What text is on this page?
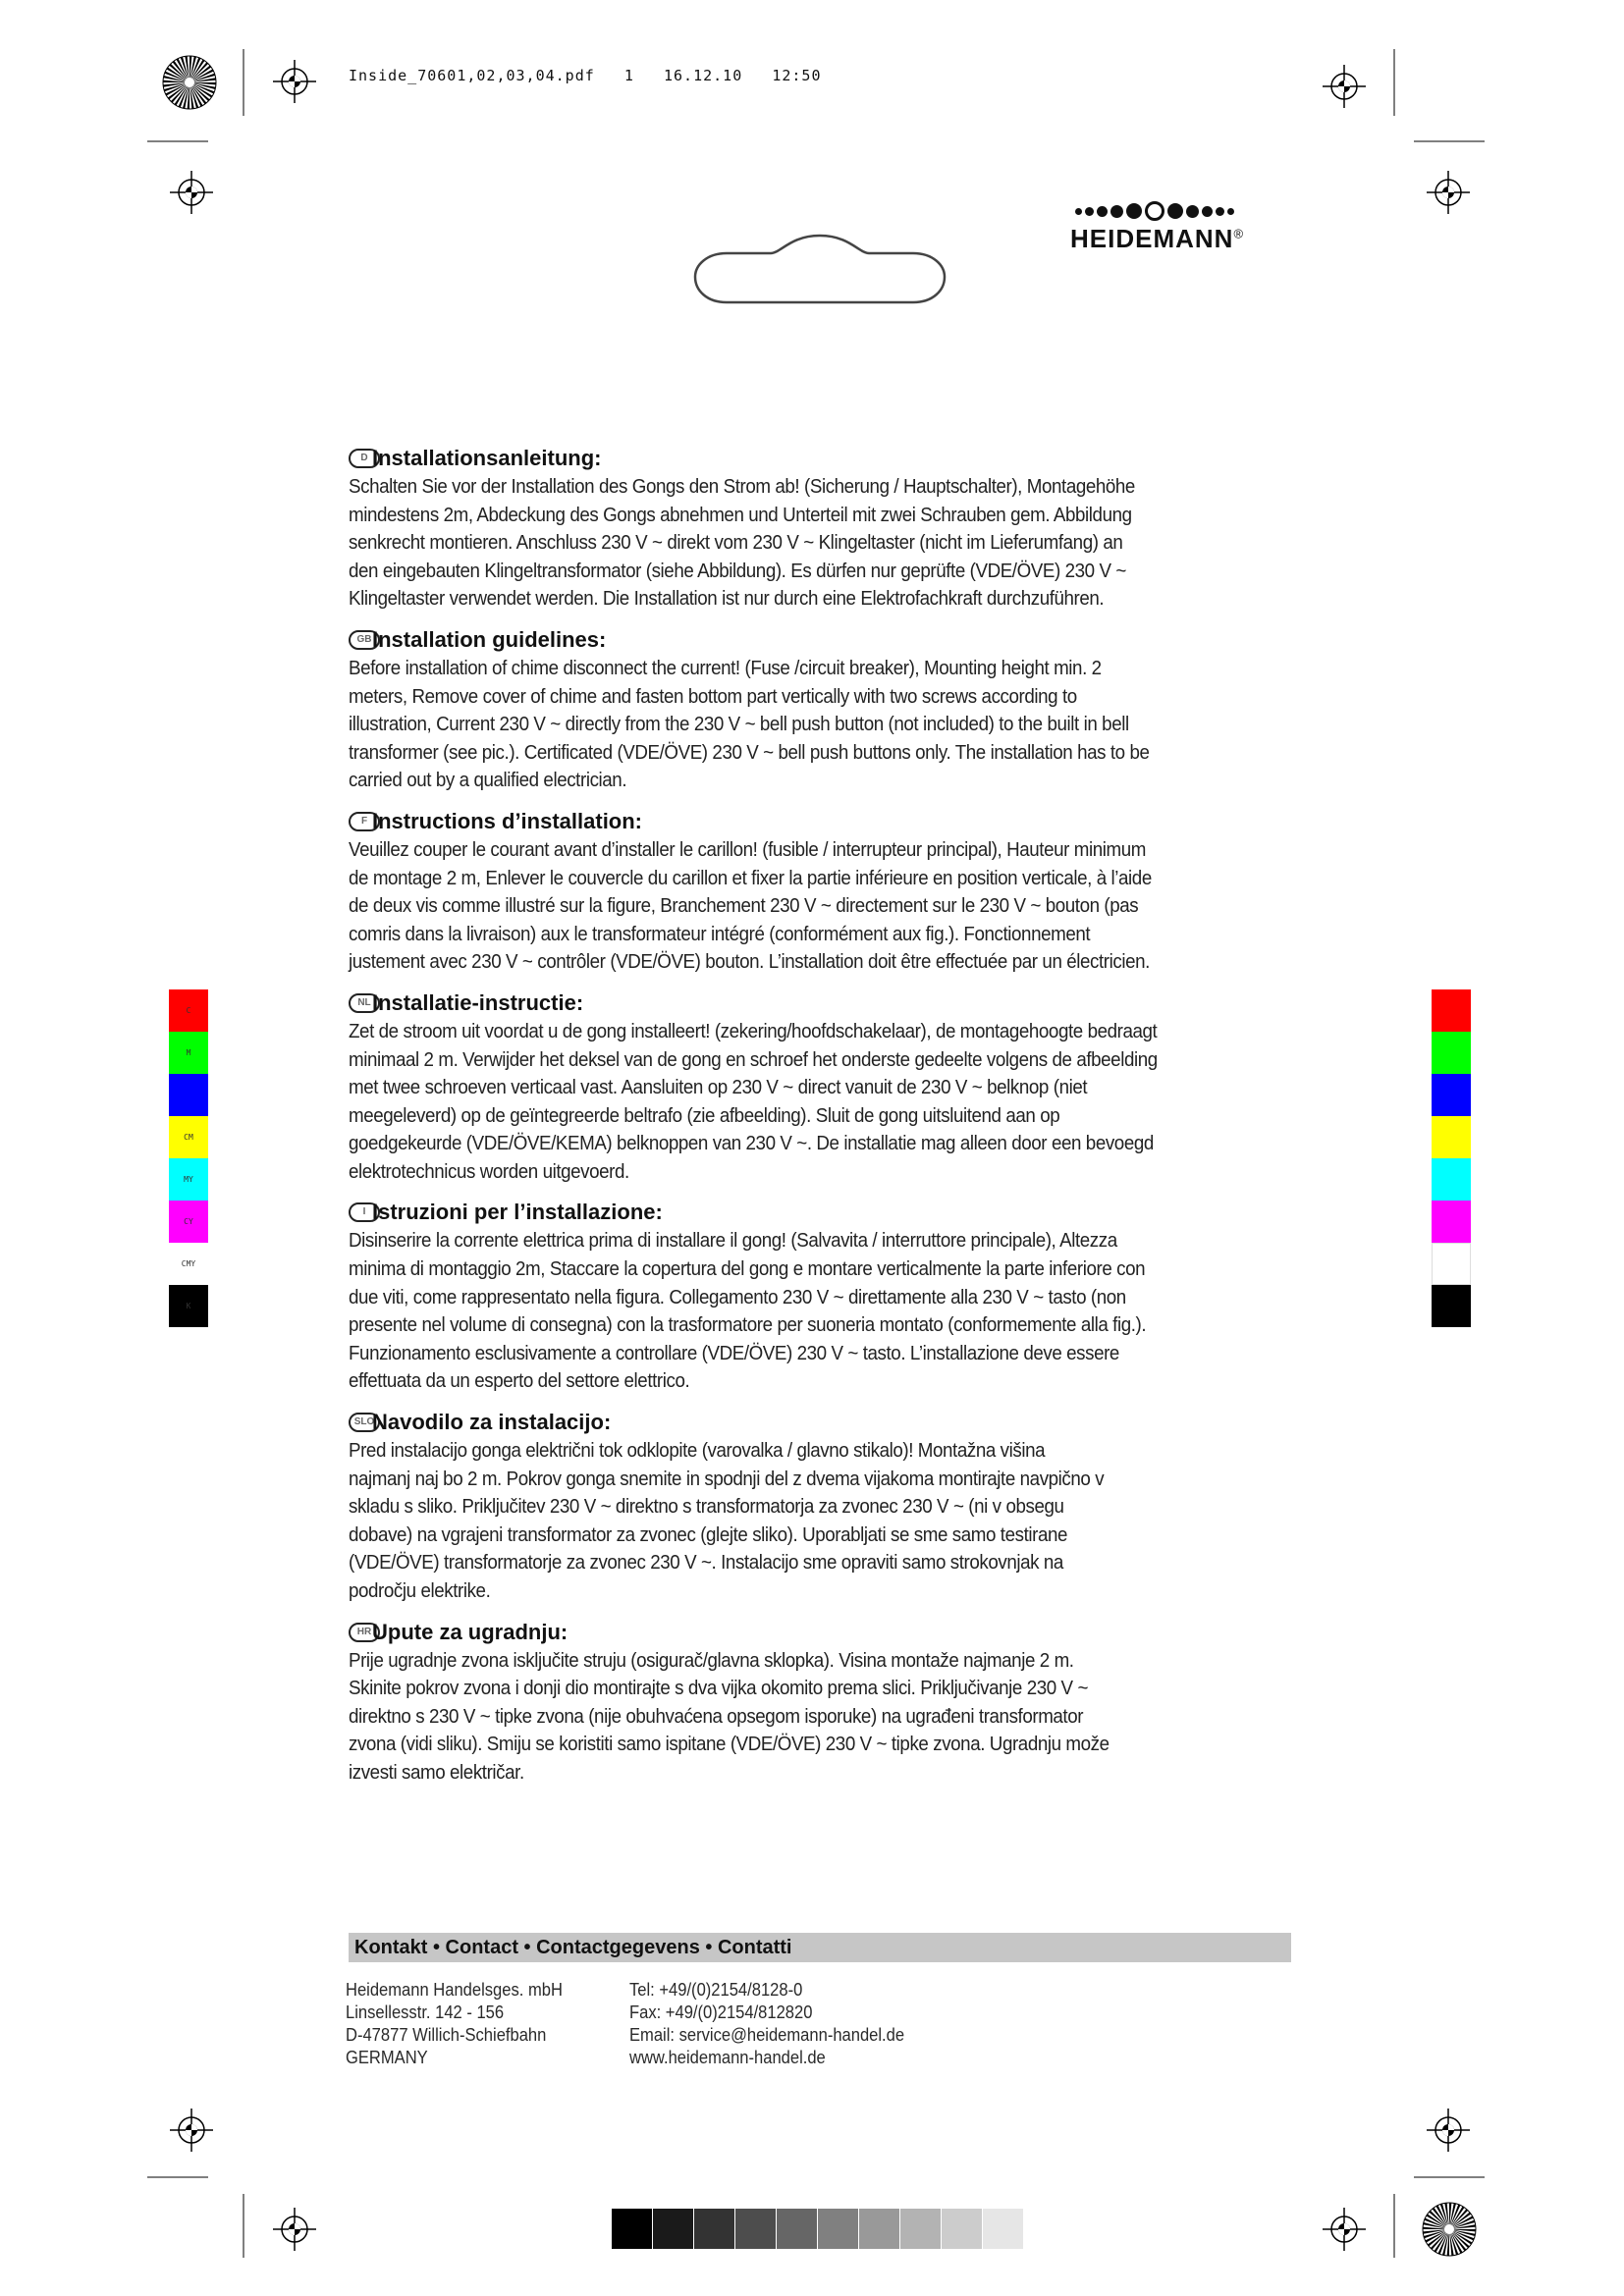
Inside_70601,02,03,04.pdf 1 16.12.10 12:50
HEIDEMANN®
D Installationsanleitung:
Schalten Sie vor der Installation des Gongs den Strom ab! (Sicherung / Hauptschalter), Montagehöhe
mindestens 2m, Abdeckung des Gongs abnehmen und Unterteil mit zwei Schrauben gem. Abbildung
senkrecht montieren. Anschluss 230 V ~ direkt vom 230 V ~ Klingeltaster (nicht im Lieferumfang) an
den eingebauten Klingeltransformator (siehe Abbildung). Es dürfen nur geprüfte (VDE/ÖVE) 230 V ~
Klingeltaster verwendet werden. Die Installation ist nur durch eine Elektrofachkraft durchzuführen.
GB Installation guidelines:
Before installation of chime disconnect the current! (Fuse /circuit breaker), Mounting height min. 2
meters, Remove cover of chime and fasten bottom part vertically with two screws according to
illustration, Current 230 V ~ directly from the 230 V ~ bell push button (not included) to the built in bell
transformer (see pic.). Certificated (VDE/ÖVE) 230 V ~ bell push buttons only. The installation has to be
carried out by a qualified electrician.
F Instructions d’installation:
Veuillez couper le courant avant d’installer le carillon! (fusible / interrupteur principal), Hauteur minimum
de montage 2 m, Enlever le couvercle du carillon et fixer la partie inférieure en position verticale, à l’aide
de deux vis comme illustré sur la figure, Branchement 230 V ~ directement sur le 230 V ~ bouton (pas
comris dans la livraison) aux le transformateur intégré (conformément aux fig.). Fonctionnement
justement avec 230 V ~ contrôler (VDE/ÖVE) bouton. L’installation doit être effectuée par un électricien.
NL Installatie-instructie:
Zet de stroom uit voordat u de gong installeert! (zekering/hoofdschakelaar), de montagehoogte bedraagt
minimaal 2 m. Verwijder het deksel van de gong en schroef het onderste gedeelte volgens de afbeelding
met twee schroeven verticaal vast. Aansluiten op 230 V ~ direct vanuit de 230 V ~ belknop (niet
meegeleverd) op de geïntegreerde beltrafo (zie afbeelding). Sluit de gong uitsluitend aan op
goedgekeurde (VDE/ÖVE/KEMA) belknoppen van 230 V ~. De installatie mag alleen door een bevoegd
elektrotechnicus worden uitgevoerd.
I Istruzioni per l’installazione:
Disinserire la corrente elettrica prima di installare il gong! (Salvavita / interruttore principale), Altezza
minima di montaggio 2m, Staccare la copertura del gong e montare verticalmente la parte inferiore con
due viti, come rappresentato nella figura. Collegamento 230 V ~ direttamente alla 230 V ~ tasto (non
presente nel volume di consegna) con la trasformatore per suoneria montato (conformemente alla fig.).
Funzionamento esclusivamente a controllare (VDE/ÖVE) 230 V ~ tasto. L’installazione deve essere
effettuata da un esperto del settore elettrico.
SLO
Navodilo za instalacijo:
Pred instalacijo gonga električni tok odklopite (varovalka / glavno stikalo)! Montažna višina
najmanj naj bo 2 m. Pokrov gonga snemite in spodnji del z dvema vijakoma montirajte navpično v
skladu s sliko. Priključitev 230 V ~ direktno s transformatorja za zvonec 230 V ~ (ni v obsegu
dobave) na vgrajeni transformator za zvonec (glejte sliko). Uporabljati se sme samo testirane
(VDE/ÖVE) transformatorje za zvonec 230 V ~. Instalacijo sme opraviti samo strokovnjak na
področju elektrike.
HR Upute za ugradnju:
Prije ugradnje zvona isključite struju (osigurač/glavna sklopka). Visina montaže najmanje 2 m.
Skinite pokrov zvona i donji dio montirajte s dva vijka okomito prema slici. Priključivanje 230 V ~
direktno s 230 V ~ tipke zvona (nije obuhvaćena opsegom isporuke) na ugrađeni transformator
zvona (vidi sliku). Smiju se koristiti samo ispitane (VDE/ÖVE) 230 V ~ tipke zvona. Ugradnju može
izvesti samo električar.
C
M
CM
MY
CY
CMY
K
Kontakt • Contact • Contactgegevens • Contatti
Heidemann Handelsges. mbH
Linsellesstr. 142 - 156
D-47877 Willich-Schiefbahn
GERMANY
Tel: +49/(0)2154/8128-0
Fax: +49/(0)2154/812820
Email: service@heidemann-handel.de
www.heidemann-handel.de
